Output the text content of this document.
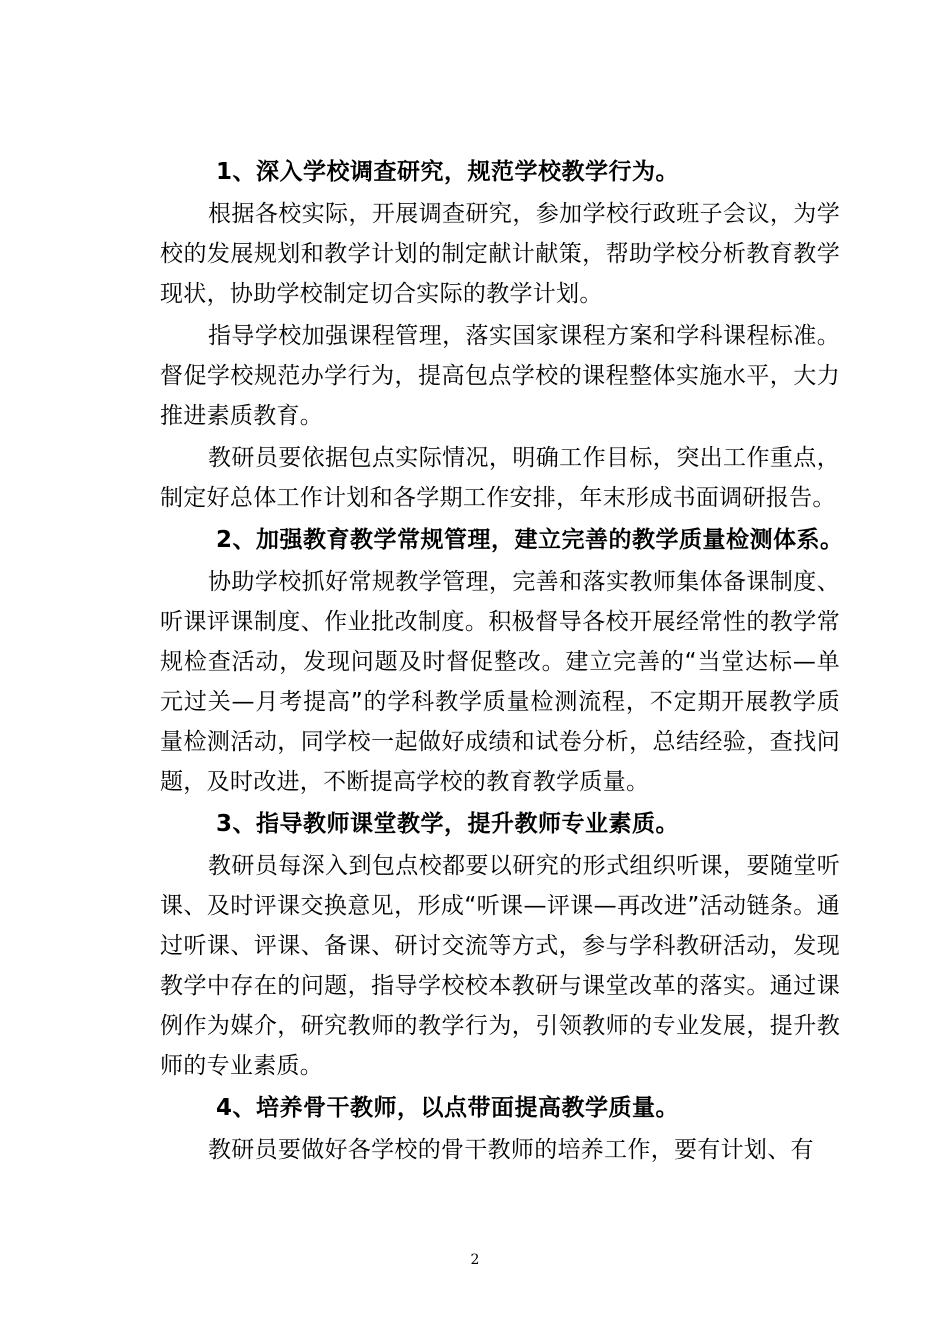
1、深入学校调查研究，规范学校教学行为。

根据各校实际，开展调查研究，参加学校行政班子会议，为学校的发展规划和教学计划的制定献计献策，帮助学校分析教育教学现状，协助学校制定切合实际的教学计划。

指导学校加强课程管理，落实国家课程方案和学科课程标准。督促学校规范办学行为，提高包点学校的课程整体实施水平，大力推进素质教育。

教研员要依据包点实际情况，明确工作目标，突出工作重点，制定好总体工作计划和各学期工作安排，年末形成书面调研报告。

2、加强教育教学常规管理，建立完善的教学质量检测体系。

协助学校抓好常规教学管理，完善和落实教师集体备课制度、听课评课制度、作业批改制度。积极督导各校开展经常性的教学常规检查活动，发现问题及时督促整改。建立完善的“当堂达标—单元过关—月考提高”的学科教学质量检测流程，不定期开展教学质量检测活动，同学校一起做好成绩和试卷分析，总结经验，查找问题，及时改进，不断提高学校的教育教学质量。

3、指导教师课堂教学，提升教师专业素质。

教研员每深入到包点校都要以研究的形式组织听课，要随堂听课、及时评课交换意见，形成“听课—评课—再改进”活动链条。通过听课、评课、备课、研讨交流等方式，参与学科教研活动，发现教学中存在的问题，指导学校校本教研与课堂改革的落实。通过课例作为媒介，研究教师的教学行为，引领教师的专业发展，提升教师的专业素质。

4、培养骨干教师，以点带面提高教学质量。

教研员要做好各学校的骨干教师的培养工作，要有计划、有

2
